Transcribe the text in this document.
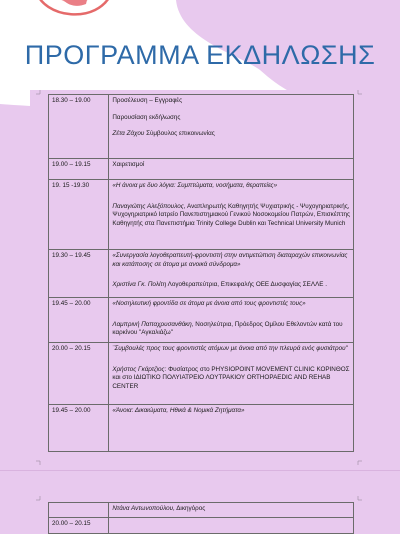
ΠΡΟΓΡΑΜΜΑ ΕΚΔΗΛΩΣΗΣ
18.30 – 19.00	Προσέλευση – Εγγραφές

Παρουσίαση εκδήλωσης

Ζέτα Ζάχου Σύμβουλος επικοινωνίας

19.00 – 19.15	Χαιρετισμοί
19. 15 -19.30	«Η άνοια με δυο λόγια: Συμπτώματα, νοσήματα, θεραπείες»

Παναγιώτης Αλεξόπουλος, Αναπληρωτής Καθηγητής Ψυχιατρικής - Ψυχογηριατρικής, Ψυχογηριατρικό Ιατρείο Πανεπιστημιακού Γενικού Νοσοκομείου Πατρών, Επισκέπτης Καθηγητής στα Πανεπιστήμια Trinity College Dublin και Technical University Munich

19.30 – 19.45	«Συνεργασία λογοθεραπευτή-φροντιστή στην αντιμετώπιση διαταραχών επικοινωνίας και κατάποσης σε άτομα με ανοικά σύνδρομα»

Χριστίνα Γκ. Πολίτη Λογοθεραπεύτρια, Επικεφαλής ΟΕΕ Δυσφαγίας ΣΕΛΛΕ .

19.45 – 20.00	«Νοσηλευτική φροντίδα σε άτομα με άνοια από τους φροντιστές τους»

Λαμπρινή Παπαχρυσανθάκη, Νοσηλεύτρια, Πρόεδρος Ομίλου Εθελοντών κατά του καρκίνου "Αγκαλιάζω"

20.00 – 20.15	¨Συμβουλές προς τους φροντιστές ατόμων με άνοια από την πλευρά ενός φυσιάτρου"

Χρήστος Γκάρτζιος: Φυσίατρος στο PHYSIOPOINT MOVEMENT CLINIC ΚΟΡΙΝΘΟΣ και στο ΙΔΙΩΤΙΚΟ ΠΟΛΥΙΑΤΡΕΙΟ ΛΟΥΤΡΑΚΙΟΥ ORTHOPAEDIC AND REHAB CENTER

19.45 – 20.00	«Άνοια: Δικαιώματα, Ηθικά & Νομικά Ζητήματα»

	Ντάνα Αντωνοπούλου, Δικηγόρος

20.00 – 20.15	
